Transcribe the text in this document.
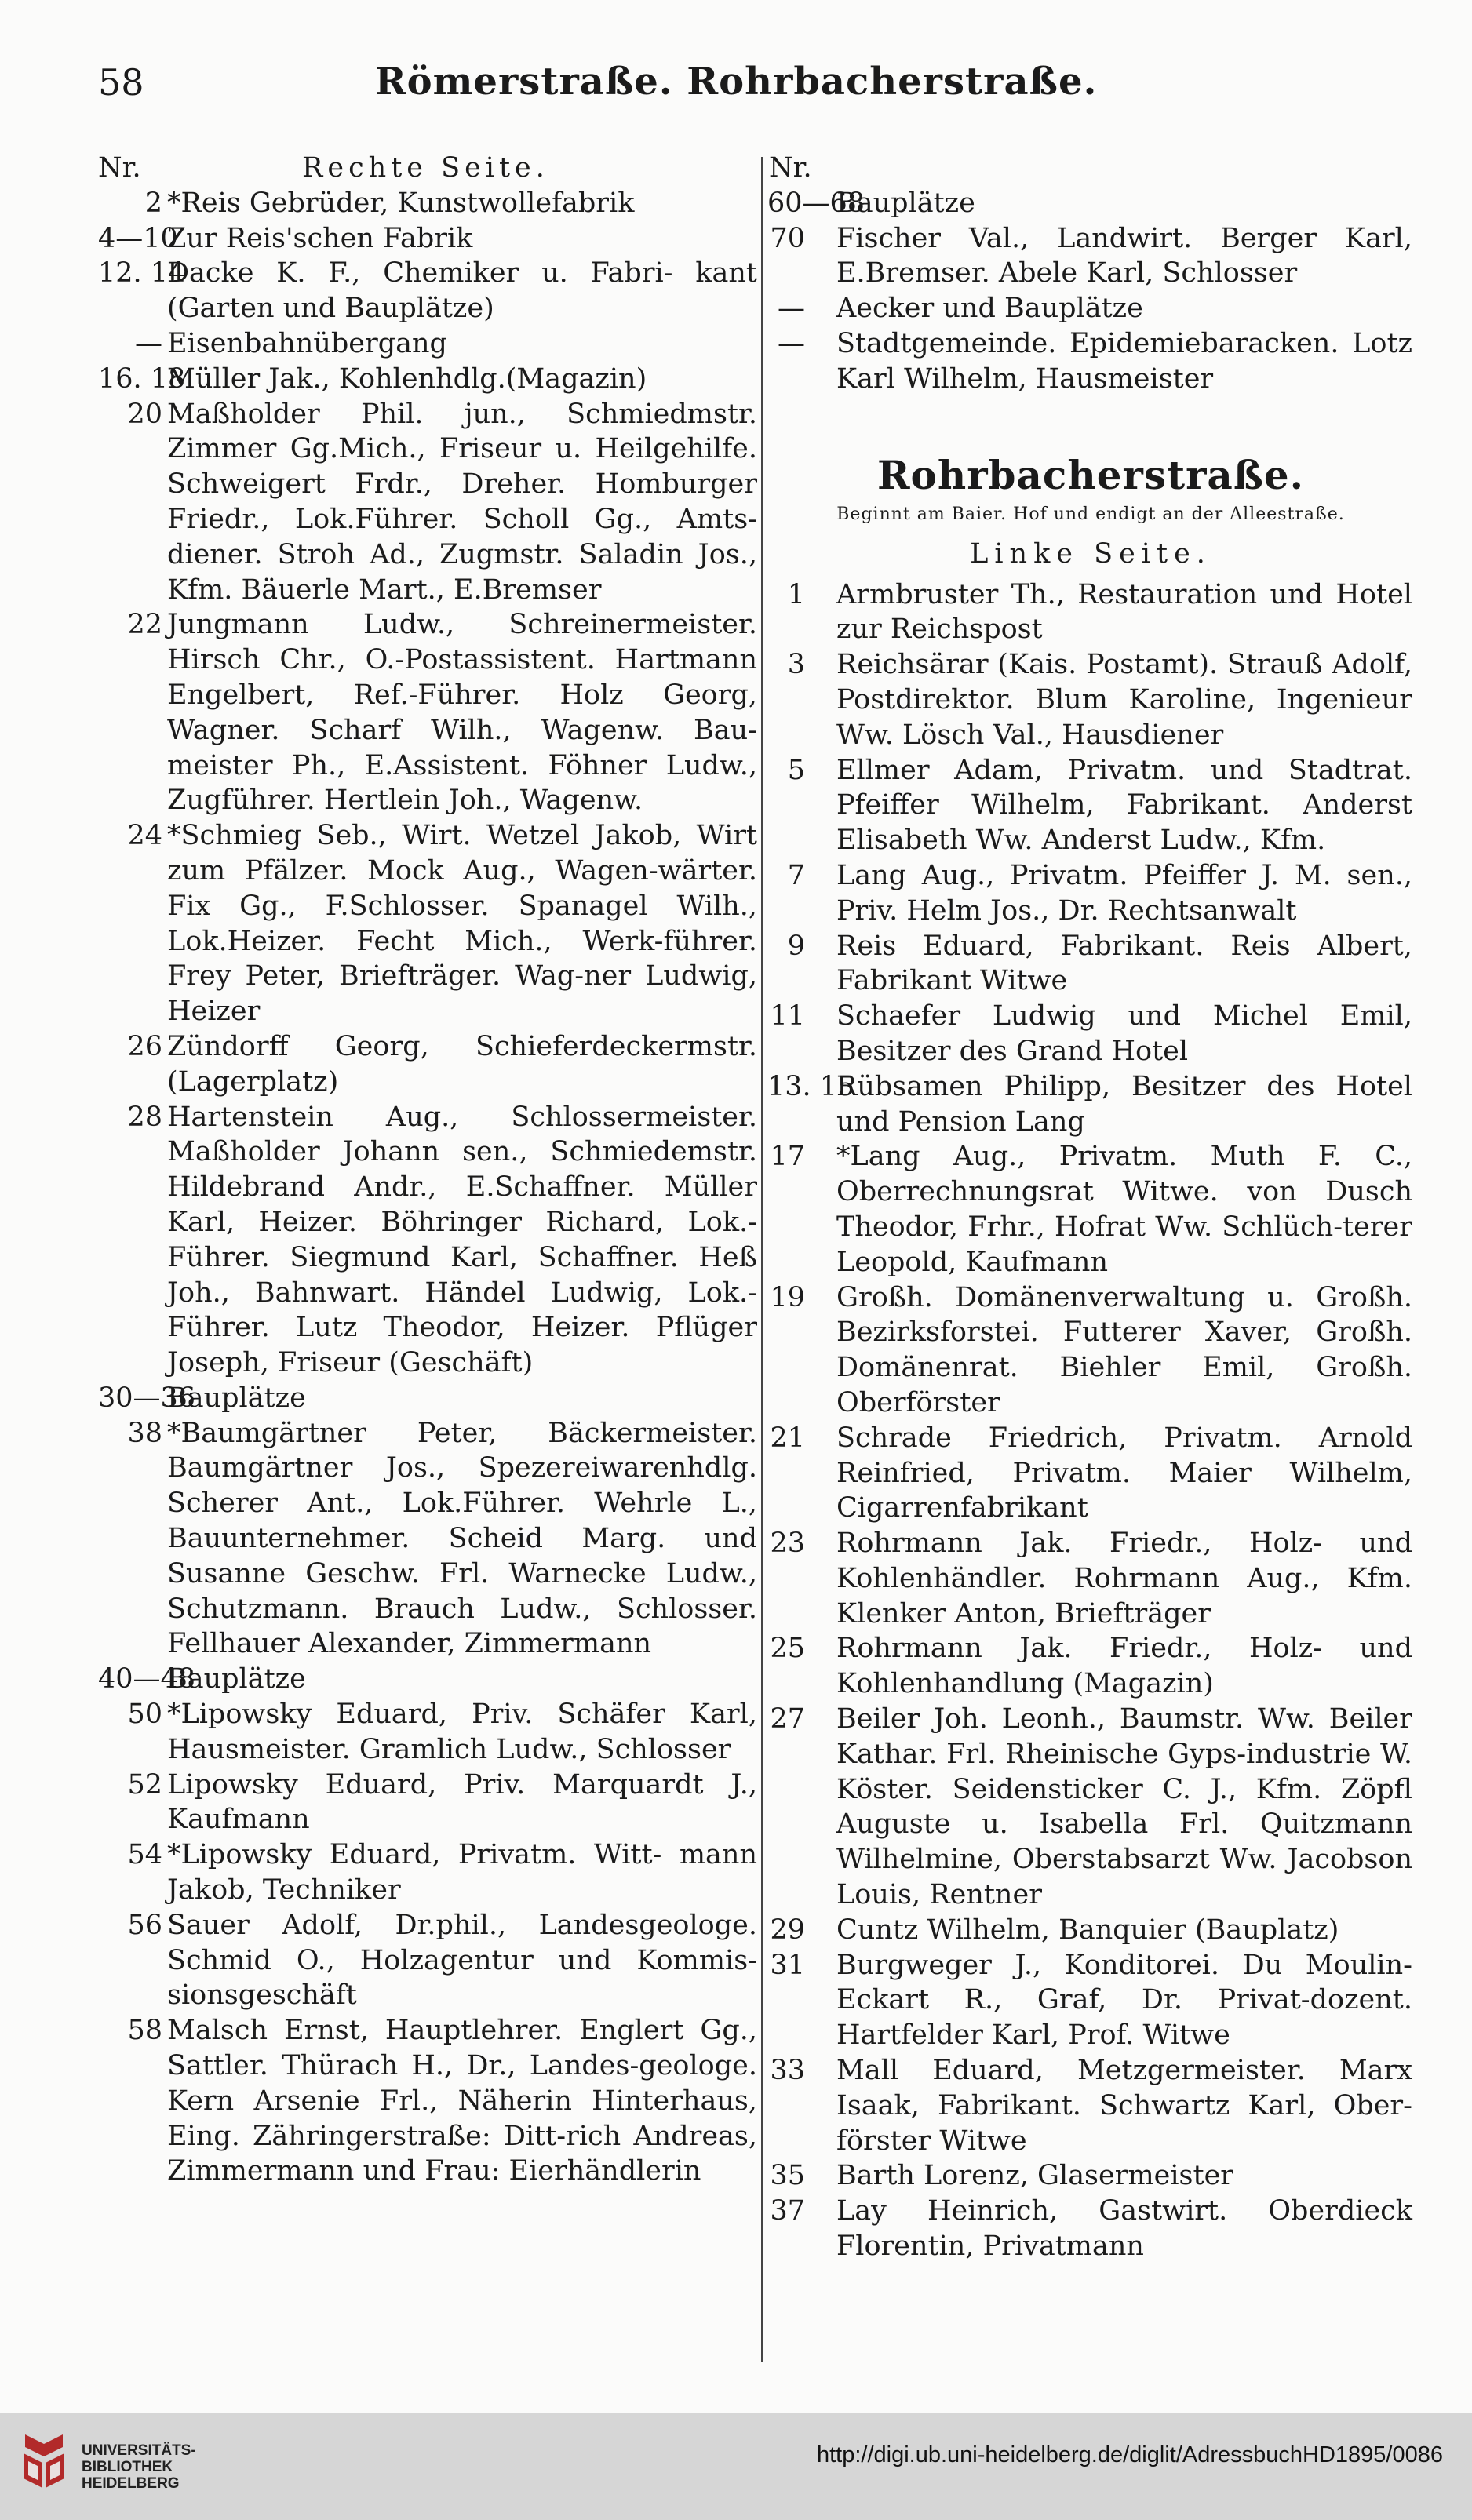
58	Römerstraße. Rohrbacherstraße.
Nr.	Rechte Seite.
2 *Reis Gebrüder, Kunstwollefabrik
4—10
Zur Reis'schen Fabrik
12. 14
Dacke K. F., Chemiker u. Fabri- kant (Garten und Bauplätze)
— Eisenbahnübergang
16. 18
Müller Jak., Kohlenhdlg.(Magazin)
20 Maßholder Phil. jun., Schmiedmstr. Zimmer Gg.Mich., Friseur u. Heilgehilfe. Schweigert Frdr., Dreher. Homburger Friedr., Lok.Führer. Scholl Gg., Amts-diener. Stroh Ad., Zugmstr. Saladin Jos., Kfm. Bäuerle Mart., E.Bremser
22 Jungmann Ludw., Schreinermeister. Hirsch Chr., O.-Postassistent. Hartmann Engelbert, Ref.-Führer. Holz Georg, Wagner. Scharf Wilh., Wagenw. Bau-meister Ph., E.Assistent. Föhner Ludw., Zugführer. Hertlein Joh., Wagenw.
24 *Schmieg Seb., Wirt. Wetzel Jakob, Wirt zum Pfälzer. Mock Aug., Wagen-wärter. Fix Gg., F.Schlosser. Spanagel Wilh., Lok.Heizer. Fecht Mich., Werk-führer. Frey Peter, Briefträger. Wag-ner Ludwig, Heizer
26 Zündorff Georg, Schieferdeckermstr. (Lagerplatz)
28 Hartenstein Aug., Schlossermeister. Maßholder Johann sen., Schmiedemstr. Hildebrand Andr., E.Schaffner. Müller Karl, Heizer. Böhringer Richard, Lok.-Führer. Siegmund Karl, Schaffner. Heß Joh., Bahnwart. Händel Ludwig, Lok.-Führer. Lutz Theodor, Heizer. Pflüger Joseph, Friseur (Geschäft)
30—36
Bauplätze
38 *Baumgärtner Peter, Bäckermeister. Baumgärtner Jos., Spezereiwarenhdlg. Scherer Ant., Lok.Führer. Wehrle L., Bauunternehmer. Scheid Marg. und Susanne Geschw. Frl. Warnecke Ludw., Schutzmann. Brauch Ludw., Schlosser. Fellhauer Alexander, Zimmermann
40—48
Bauplätze
50 *Lipowsky Eduard, Priv. Schäfer Karl, Hausmeister. Gramlich Ludw., Schlosser
52 Lipowsky Eduard, Priv. Marquardt J., Kaufmann
54 *Lipowsky Eduard, Privatm. Witt- mann Jakob, Techniker
56 Sauer Adolf, Dr.phil., Landesgeologe. Schmid O., Holzagentur und Kommis-sionsgeschäft
58 Malsch Ernst, Hauptlehrer. Englert Gg., Sattler. Thürach H., Dr., Landes-geologe. Kern Arsenie Frl., Näherin Hinterhaus, Eing. Zähringerstraße: Ditt-rich Andreas, Zimmermann und Frau: Eierhändlerin
Nr.
60—68
Bauplätze
70 Fischer Val., Landwirt. Berger Karl, E.Bremser. Abele Karl, Schlosser
— Aecker und Bauplätze
— Stadtgemeinde. Epidemiebaracken. Lotz Karl Wilhelm, Hausmeister
Rohrbacherstraße.
Beginnt am Baier. Hof und endigt an der Alleestraße.
Linke Seite.
1 Armbruster Th., Restauration und Hotel zur Reichspost
3 Reichsärar (Kais. Postamt). Strauß Adolf, Postdirektor. Blum Karoline, Ingenieur Ww. Lösch Val., Hausdiener
5 Ellmer Adam, Privatm. und Stadtrat. Pfeiffer Wilhelm, Fabrikant. Anderst Elisabeth Ww. Anderst Ludw., Kfm.
7 Lang Aug., Privatm. Pfeiffer J. M. sen., Priv. Helm Jos., Dr. Rechtsanwalt
9 Reis Eduard, Fabrikant. Reis Albert, Fabrikant Witwe
11 Schaefer Ludwig und Michel Emil, Besitzer des Grand Hotel
13. 15
Rübsamen Philipp, Besitzer des Hotel und Pension Lang
17 *Lang Aug., Privatm. Muth F. C., Oberrechnungsrat Witwe. von Dusch Theodor, Frhr., Hofrat Ww. Schlüch-terer Leopold, Kaufmann
19 Großh. Domänenverwaltung u. Großh. Bezirksforstei. Futterer Xaver, Großh. Domänenrat. Biehler Emil, Großh. Oberförster
21 Schrade Friedrich, Privatm. Arnold Reinfried, Privatm. Maier Wilhelm, Cigarrenfabrikant
23 Rohrmann Jak. Friedr., Holz- und Kohlenhändler. Rohrmann Aug., Kfm. Klenker Anton, Briefträger
25 Rohrmann Jak. Friedr., Holz- und Kohlenhandlung (Magazin)
27 Beiler Joh. Leonh., Baumstr. Ww. Beiler Kathar. Frl. Rheinische Gyps-industrie W. Köster. Seidensticker C. J., Kfm. Zöpfl Auguste u. Isabella Frl. Quitzmann Wilhelmine, Oberstabsarzt Ww. Jacobson Louis, Rentner
29 Cuntz Wilhelm, Banquier (Bauplatz)
31 Burgweger J., Konditorei. Du Moulin-Eckart R., Graf, Dr. Privat-dozent. Hartfelder Karl, Prof. Witwe
33 Mall Eduard, Metzgermeister. Marx Isaak, Fabrikant. Schwartz Karl, Ober-förster Witwe
35 Barth Lorenz, Glasermeister
37 Lay Heinrich, Gastwirt. Oberdieck Florentin, Privatmann
UNIVERSITÄTS-
BIBLIOTHEK
HEIDELBERG
http://digi.ub.uni-heidelberg.de/diglit/AdressbuchHD1895/0086
